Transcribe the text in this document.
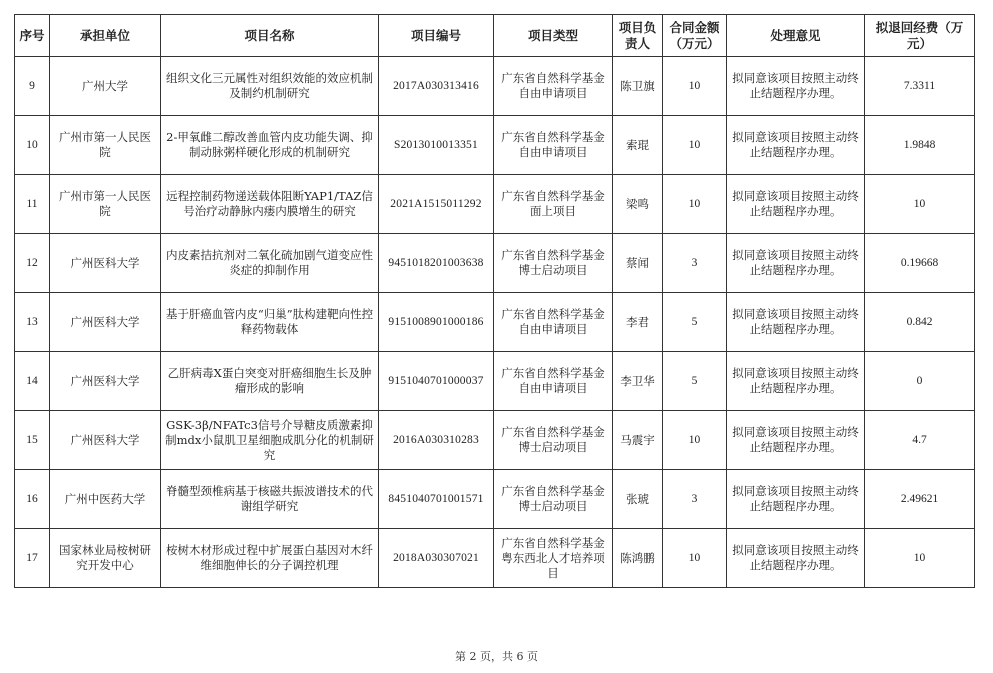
序号	承担单位	项目名称	项目编号	项目类型	项目负责人	合同金额（万元）	处理意见	拟退回经费（万元）
9	广州大学	组织文化三元属性对组织效能的效应机制及制约机制研究	2017A030313416	广东省自然科学基金自由申请项目	陈卫旗	10	拟同意该项目按照主动终止结题程序办理。	7.3311
10	广州市第一人民医院	2-甲氧雌二醇改善血管内皮功能失调、抑制动脉粥样硬化形成的机制研究	S2013010013351	广东省自然科学基金自由申请项目	索琨	10	拟同意该项目按照主动终止结题程序办理。	1.9848
11	广州市第一人民医院	远程控制药物递送载体阻断YAP1/TAZ信号治疗动静脉内瘘内膜增生的研究	2021A1515011292	广东省自然科学基金面上项目	梁鸣	10	拟同意该项目按照主动终止结题程序办理。	10
12	广州医科大学	内皮素拮抗剂对二氧化硫加剧气道变应性炎症的抑制作用	9451018201003638	广东省自然科学基金博士启动项目	蔡闻	3	拟同意该项目按照主动终止结题程序办理。	0.19668
13	广州医科大学	基于肝癌血管内皮“归巢”肽构建靶向性控释药物载体	9151008901000186	广东省自然科学基金自由申请项目	李君	5	拟同意该项目按照主动终止结题程序办理。	0.842
14	广州医科大学	乙肝病毒X蛋白突变对肝癌细胞生长及肿瘤形成的影响	9151040701000037	广东省自然科学基金自由申请项目	李卫华	5	拟同意该项目按照主动终止结题程序办理。	0
15	广州医科大学	GSK-3β/NFATc3信号介导糖皮质激素抑制mdx小鼠肌卫星细胞成肌分化的机制研究	2016A030310283	广东省自然科学基金博士启动项目	马震宇	10	拟同意该项目按照主动终止结题程序办理。	4.7
16	广州中医药大学	脊髓型颈椎病基于核磁共振波谱技术的代谢组学研究	8451040701001571	广东省自然科学基金博士启动项目	张琥	3	拟同意该项目按照主动终止结题程序办理。	2.49621
17	国家林业局桉树研究开发中心	桉树木材形成过程中扩展蛋白基因对木纤维细胞伸长的分子调控机理	2018A030307021	广东省自然科学基金粤东西北人才培养项目	陈鸿鹏	10	拟同意该项目按照主动终止结题程序办理。	10
第 2 页，共 6 页
